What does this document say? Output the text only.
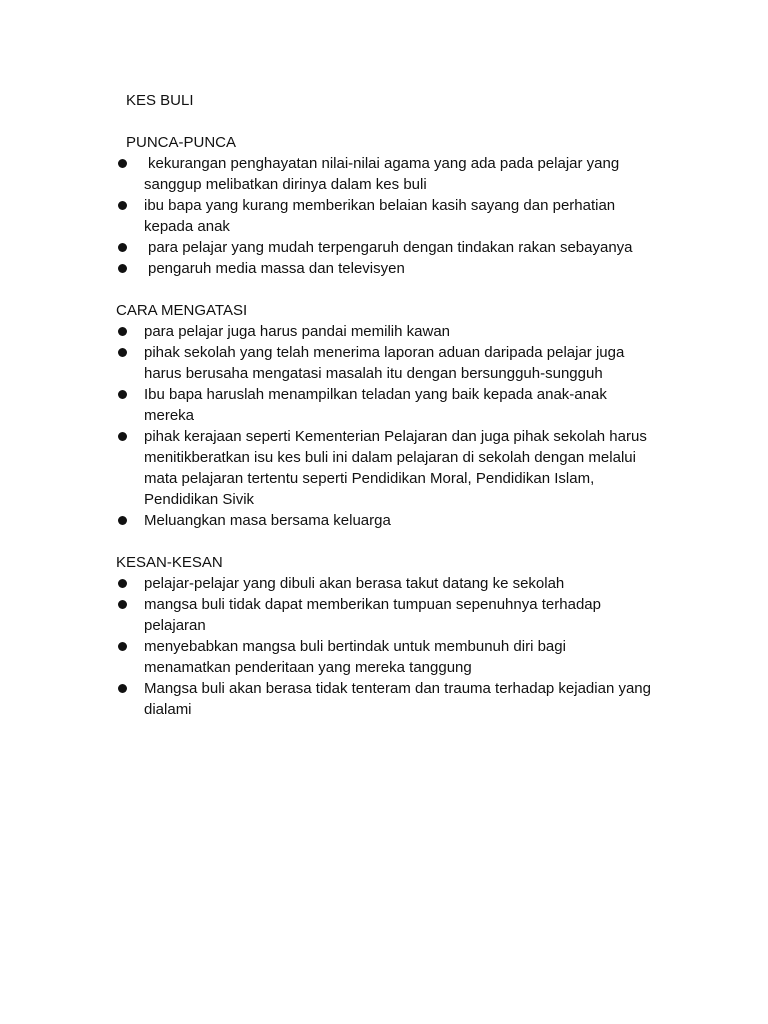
KES BULI
PUNCA-PUNCA
kekurangan penghayatan nilai-nilai agama yang ada pada pelajar yang sanggup melibatkan dirinya dalam kes buli
ibu bapa yang kurang memberikan belaian kasih sayang dan perhatian kepada anak
para pelajar yang mudah terpengaruh dengan tindakan rakan sebayanya
pengaruh media massa dan televisyen
CARA MENGATASI
para pelajar juga harus pandai memilih kawan
pihak sekolah yang telah menerima laporan aduan daripada pelajar juga harus berusaha mengatasi masalah itu dengan bersungguh-sungguh
Ibu bapa haruslah menampilkan teladan yang baik kepada anak-anak mereka
pihak kerajaan seperti Kementerian Pelajaran dan juga pihak sekolah harus menitikberatkan isu kes buli ini dalam pelajaran di sekolah dengan melalui mata pelajaran tertentu seperti Pendidikan Moral, Pendidikan Islam, Pendidikan Sivik
Meluangkan masa bersama keluarga
KESAN-KESAN
pelajar-pelajar yang dibuli akan berasa takut datang ke sekolah
mangsa buli tidak dapat memberikan tumpuan sepenuhnya terhadap pelajaran
menyebabkan mangsa buli bertindak untuk membunuh diri bagi menamatkan penderitaan yang mereka tanggung
Mangsa buli akan berasa tidak tenteram dan trauma terhadap kejadian yang dialami
